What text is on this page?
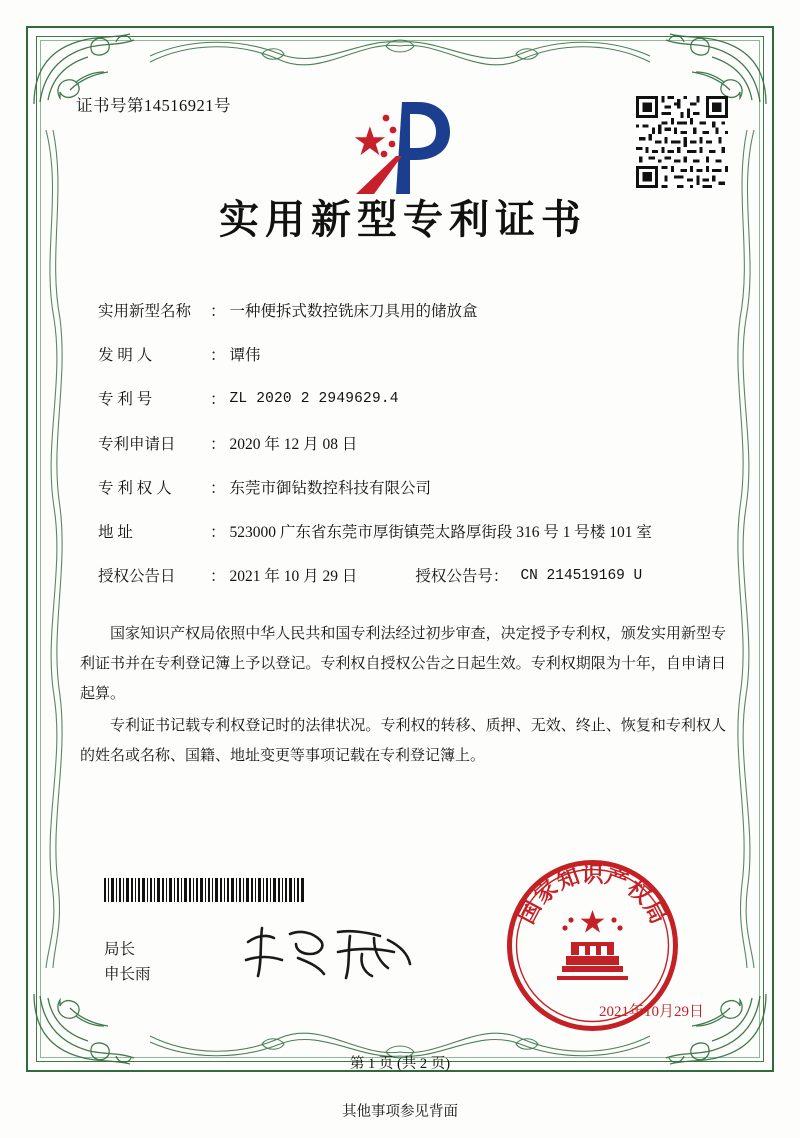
证书号第14516921号
实用新型专利证书
实用新型名称	： 一种便拆式数控铣床刀具用的储放盒
发 明 人	： 谭伟
专 利 号	： ZL 2020 2 2949629.4
专利申请日	： 2020 年 12 月 08 日
专 利 权 人 ： 东莞市御钻数控科技有限公司
地 址	： 523000 广东省东莞市厚街镇莞太路厚街段 316 号 1 号楼 101 室
授权公告日	： 2021 年 10 月 29 日	授权公告号 ： CN 214519169 U

国家知识产权局依照中华人民共和国专利法经过初步审查，决定授予专利权，颁发实用新型专利证书并在专利登记簿上予以登记。专利权自授权公告之日起生效。专利权期限为十年，自申请日起算。

专利证书记载专利权登记时的法律状况。专利权的转移、质押、无效、终止、恢复和专利权人的姓名或名称、国籍、地址变更等事项记载在专利登记簿上。

局长
申长雨
国
家
知
识
产
权
局
2021年10月29日
第 1 页 (共 2 页)
其他事项参见背面
